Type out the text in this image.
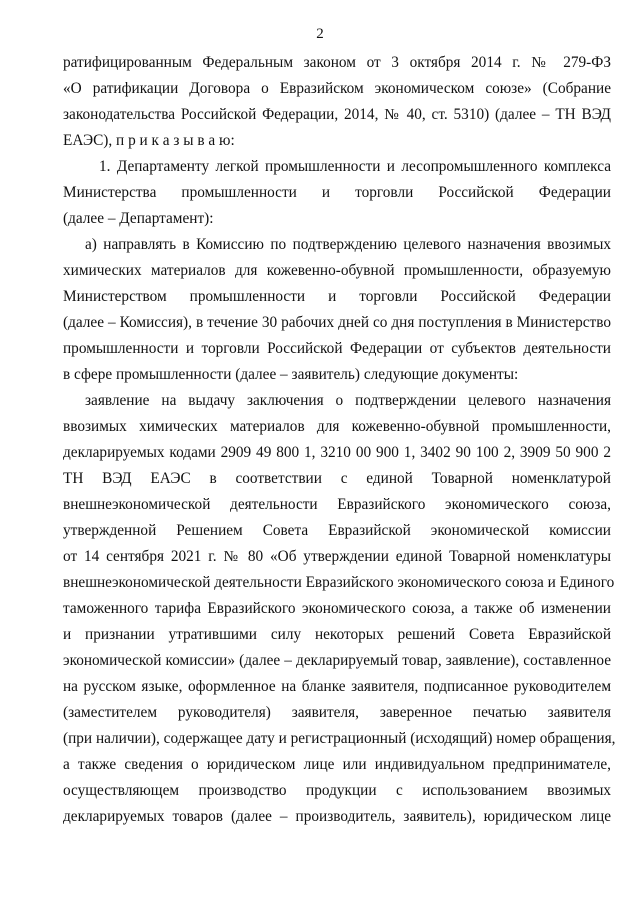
2
ратифицированным Федеральным законом от 3 октября 2014 г. № 279-ФЗ
«О ратификации Договора о Евразийском экономическом союзе» (Собрание
законодательства Российской Федерации, 2014, № 40, ст. 5310) (далее – ТН ВЭД
ЕАЭС), п р и к а з ы в а ю:
1. Департаменту легкой промышленности и лесопромышленного комплекса
Министерства промышленности и торговли Российской Федерации
(далее – Департамент):
а) направлять в Комиссию по подтверждению целевого назначения ввозимых
химических материалов для кожевенно-обувной промышленности, образуемую
Министерством промышленности и торговли Российской Федерации
(далее – Комиссия), в течение 30 рабочих дней со дня поступления в Министерство
промышленности и торговли Российской Федерации от субъектов деятельности
в сфере промышленности (далее – заявитель) следующие документы:
заявление на выдачу заключения о подтверждении целевого назначения
ввозимых химических материалов для кожевенно-обувной промышленности,
декларируемых кодами 2909 49 800 1, 3210 00 900 1, 3402 90 100 2, 3909 50 900 2
ТН ВЭД ЕАЭС в соответствии с единой Товарной номенклатурой
внешнеэкономической деятельности Евразийского экономического союза,
утвержденной Решением Совета Евразийской экономической комиссии
от 14 сентября 2021 г. № 80 «Об утверждении единой Товарной номенклатуры
внешнеэкономической деятельности Евразийского экономического союза и Единого
таможенного тарифа Евразийского экономического союза, а также об изменении
и признании утратившими силу некоторых решений Совета Евразийской
экономической комиссии» (далее – декларируемый товар, заявление), составленное
на русском языке, оформленное на бланке заявителя, подписанное руководителем
(заместителем руководителя) заявителя, заверенное печатью заявителя
(при наличии), содержащее дату и регистрационный (исходящий) номер обращения,
а также сведения о юридическом лице или индивидуальном предпринимателе,
осуществляющем производство продукции с использованием ввозимых
декларируемых товаров (далее – производитель, заявитель), юридическом лице
